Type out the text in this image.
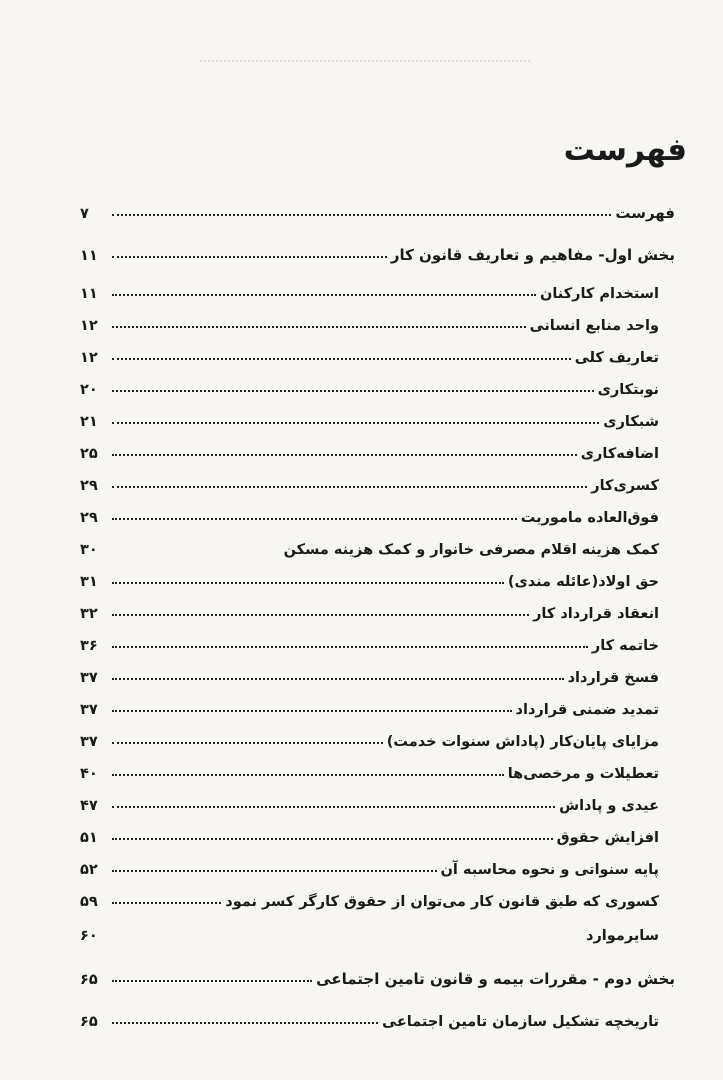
فهرست
فهرست
۷
بخش اول- مفاهیم و تعاریف قانون کار
۱۱
استخدام کارکنان
۱۱
واحد منابع انسانی
۱۲
تعاریف کلی
۱۲
نوبتکاری
۲۰
شبکاری
۲۱
اضافه‌کاری
۲۵
کسری‌کار
۲۹
فوق‌العاده ماموریت
۲۹
کمک هزینه اقلام مصرفی خانوار و کمک هزینه مسکن
۳۰
حق اولاد(عائله مندی)
۳۱
انعقاد قرارداد کار
۳۲
خاتمه کار
۳۶
فسخ قرارداد
۳۷
تمدید ضمنی قرارداد
۳۷
مزایای پایان‌کار (پاداش سنوات خدمت)
۳۷
تعطیلات و مرخصی‌ها
۴۰
عیدی و پاداش
۴۷
افزایش حقوق
۵۱
پایه سنواتی و نحوه محاسبه آن
۵۲
کسوری که طبق قانون کار می‌توان از حقوق کارگر کسر نمود
۵۹
سایرموارد
۶۰
بخش دوم - مقررات بیمه و قانون تامین اجتماعی
۶۵
تاریخچه تشکیل سازمان تامین اجتماعی
۶۵
